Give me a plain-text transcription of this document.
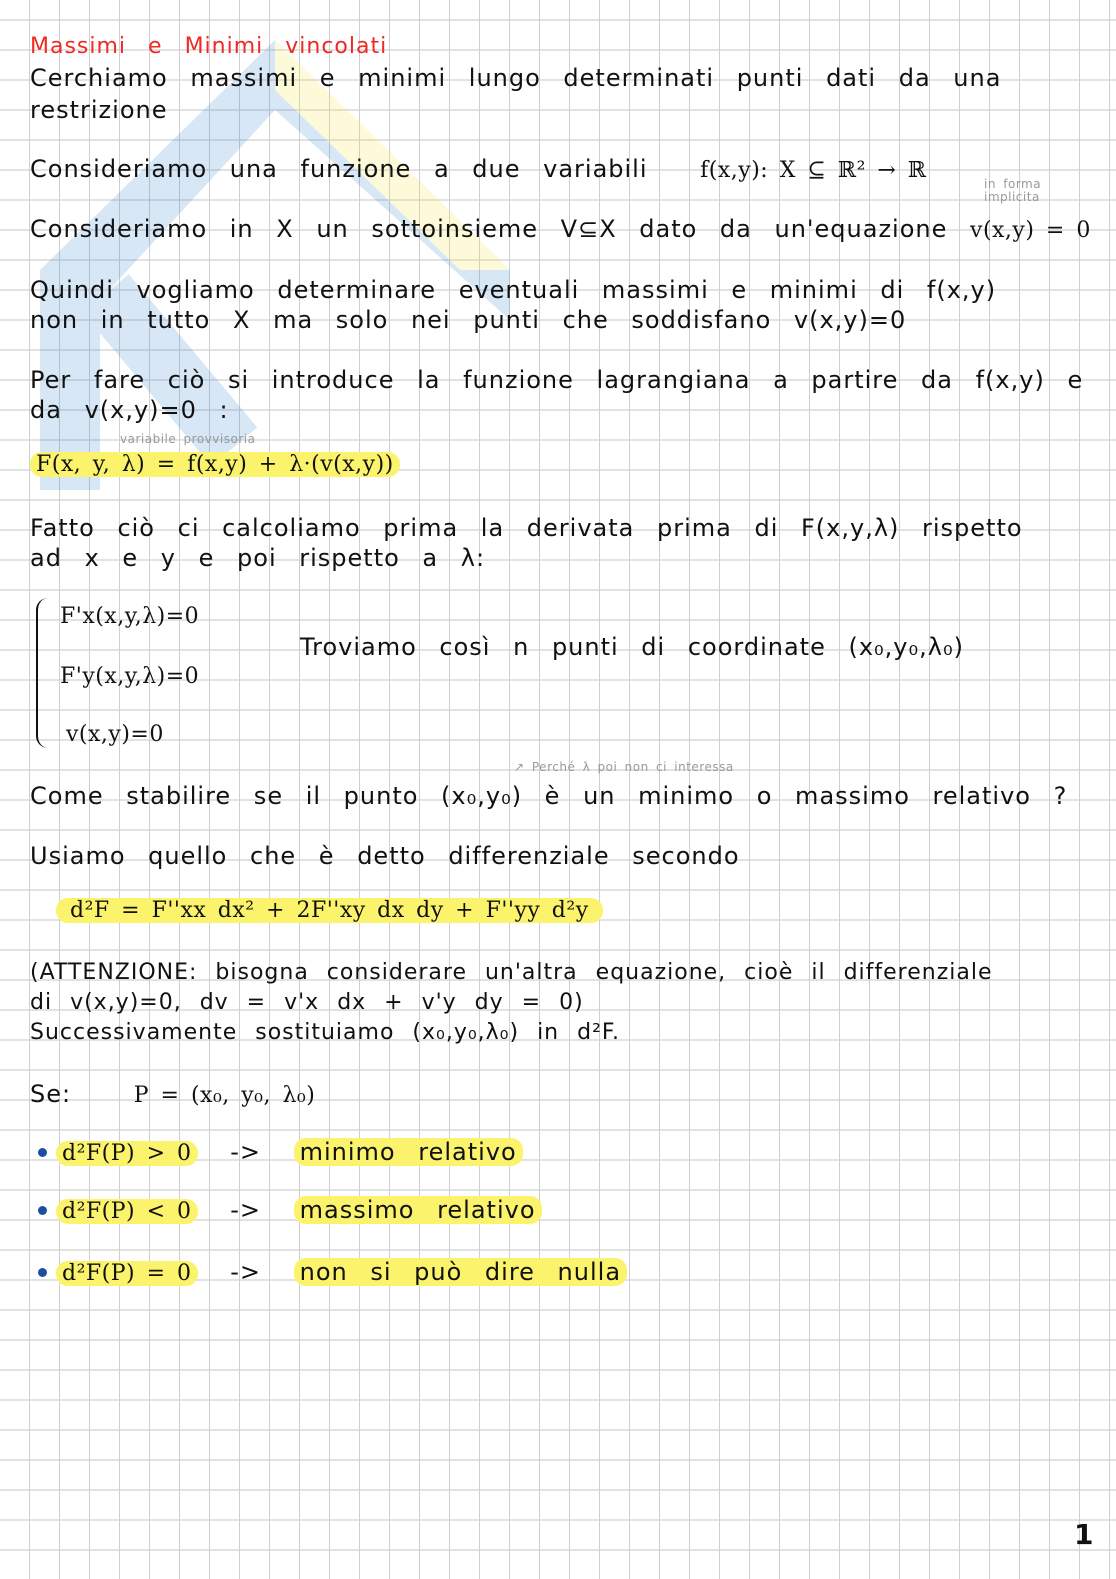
Massimi e Minimi vincolati
Cerchiamo massimi e minimi lungo determinati punti dati da una
restrizione
Consideriamo una funzione a due variabili f(x,y): X ⊆ ℝ² → ℝ
in forma implicita
Consideriamo in X un sottoinsieme V⊆X dato da un'equazione v(x,y) = 0
Quindi vogliamo determinare eventuali massimi e minimi di f(x,y)
non in tutto X ma solo nei punti che soddisfano v(x,y)=0
Per fare ciò si introduce la funzione lagrangiana a partire da f(x,y) e
da v(x,y)=0 :
variabile provvisoria
F(x, y, λ) = f(x,y) + λ·(v(x,y))
Fatto ciò ci calcoliamo prima la derivata prima di F(x,y,λ) rispetto
ad x e y e poi rispetto a λ:
F'x(x,y,λ)=0
F'y(x,y,λ)=0
v(x,y)=0
Troviamo così n punti di coordinate (x₀,y₀,λ₀)
↗ Perché λ poi non ci interessa
Come stabilire se il punto (x₀,y₀) è un minimo o massimo relativo ?
Usiamo quello che è detto differenziale secondo
d²F = F''xx dx² + 2F''xy dx dy + F''yy d²y
(ATTENZIONE: bisogna considerare un'altra equazione, cioè il differenziale
di v(x,y)=0, dv = v'x dx + v'y dy = 0)
Successivamente sostituiamo (x₀,y₀,λ₀) in d²F.
Se:	P = (x₀, y₀, λ₀)
d²F(P) > 0 -> minimo relativo
d²F(P) < 0 -> massimo relativo
d²F(P) = 0 -> non si può dire nulla
1
